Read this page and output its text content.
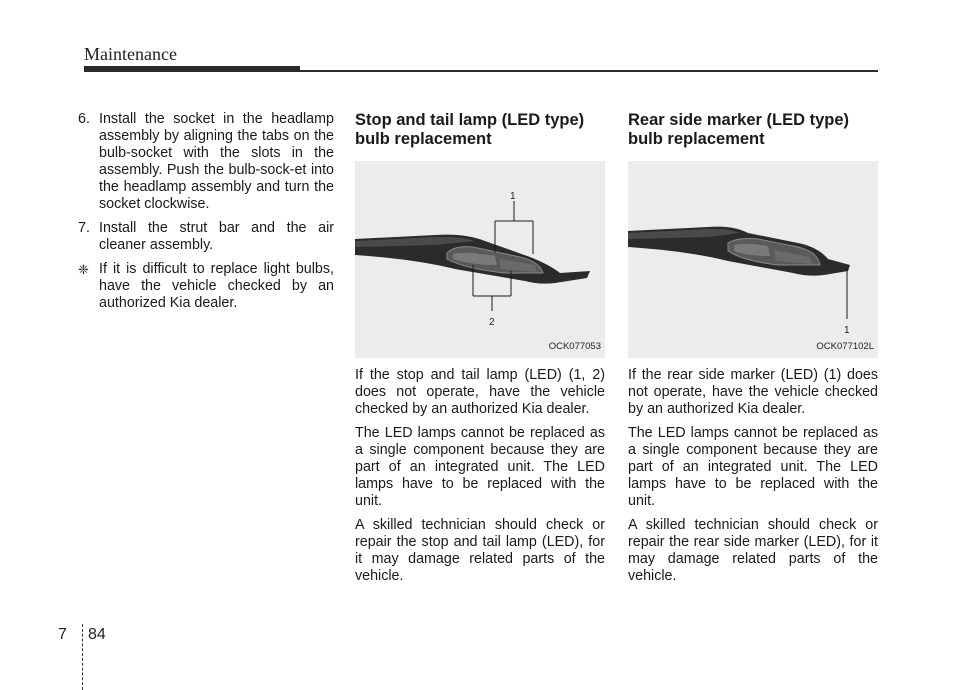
Maintenance
6. Install the socket in the headlamp assembly by aligning the tabs on the bulb-socket with the slots in the assembly. Push the bulb-sock-et into the headlamp assembly and turn the socket clockwise.
7. Install the strut bar and the air cleaner assembly.
❈ If it is difficult to replace light bulbs, have the vehicle checked by an authorized Kia dealer.
Stop and tail lamp (LED type)
bulb replacement
1
2
OCK077053

If the stop and tail lamp (LED) (1, 2) does not operate, have the vehicle checked by an authorized Kia dealer.

The LED lamps cannot be replaced as a single component because they are part of an integrated unit. The LED lamps have to be replaced with the unit.

A skilled technician should check or repair the stop and tail lamp (LED), for it may damage related parts of the vehicle.

Rear side marker (LED type)
bulb replacement
1
OCK077102L

If the rear side marker (LED) (1) does not operate, have the vehicle checked by an authorized Kia dealer.

The LED lamps cannot be replaced as a single component because they are part of an integrated unit. The LED lamps have to be replaced with the unit.

A skilled technician should check or repair the rear side marker (LED), for it may damage related parts of the vehicle.

7 84
